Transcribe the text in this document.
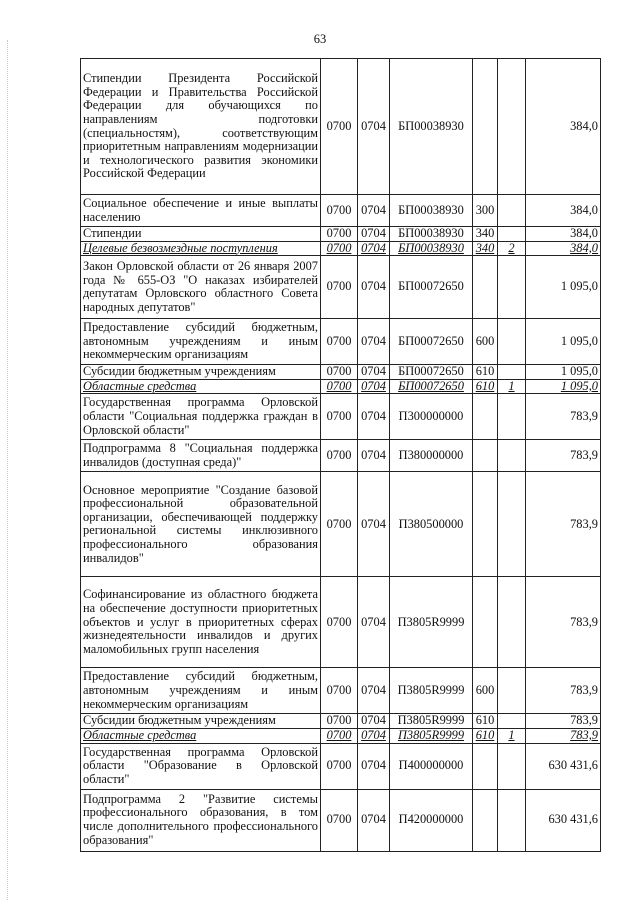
63
Стипендии Президента Российской Федерации и Правительства Российской Федерации для обучающихся по направлениям подготовки (специальностям), соответствующим приоритетным направлениям модернизации и технологического развития экономики Российской Федерации	0700	0704	БП00038930			384,0
Социальное обеспечение и иные выплаты населению	0700	0704	БП00038930	300		384,0
Стипендии	0700	0704	БП00038930	340		384,0
Целевые безвозмездные поступления	0700	0704	БП00038930	340	2	384,0
Закон Орловской области от 26 января 2007 года № 655-ОЗ "О наказах избирателей депутатам Орловского областного Совета народных депутатов"	0700	0704	БП00072650			1 095,0
Предоставление субсидий бюджетным, автономным учреждениям и иным некоммерческим организациям	0700	0704	БП00072650	600		1 095,0
Субсидии бюджетным учреждениям	0700	0704	БП00072650	610		1 095,0
Областные средства	0700	0704	БП00072650	610	1	1 095,0
Государственная программа Орловской области "Социальная поддержка граждан в Орловской области"	0700	0704	П300000000			783,9
Подпрограмма 8 "Социальная поддержка инвалидов (доступная среда)"	0700	0704	П380000000			783,9
Основное мероприятие "Создание базовой профессиональной образовательной организации, обеспечивающей поддержку региональной системы инклюзивного профессионального образования инвалидов"	0700	0704	П380500000			783,9
Софинансирование из областного бюджета на обеспечение доступности приоритетных объектов и услуг в приоритетных сферах жизнедеятельности инвалидов и других маломобильных групп населения	0700	0704	П3805R9999			783,9
Предоставление субсидий бюджетным, автономным учреждениям и иным некоммерческим организациям	0700	0704	П3805R9999	600		783,9
Субсидии бюджетным учреждениям	0700	0704	П3805R9999	610		783,9
Областные средства	0700	0704	П3805R9999	610	1	783,9
Государственная программа Орловской области "Образование в Орловской области"	0700	0704	П400000000			630 431,6
Подпрограмма 2 "Развитие системы профессионального образования, в том числе дополнительного профессионального образования"	0700	0704	П420000000			630 431,6
